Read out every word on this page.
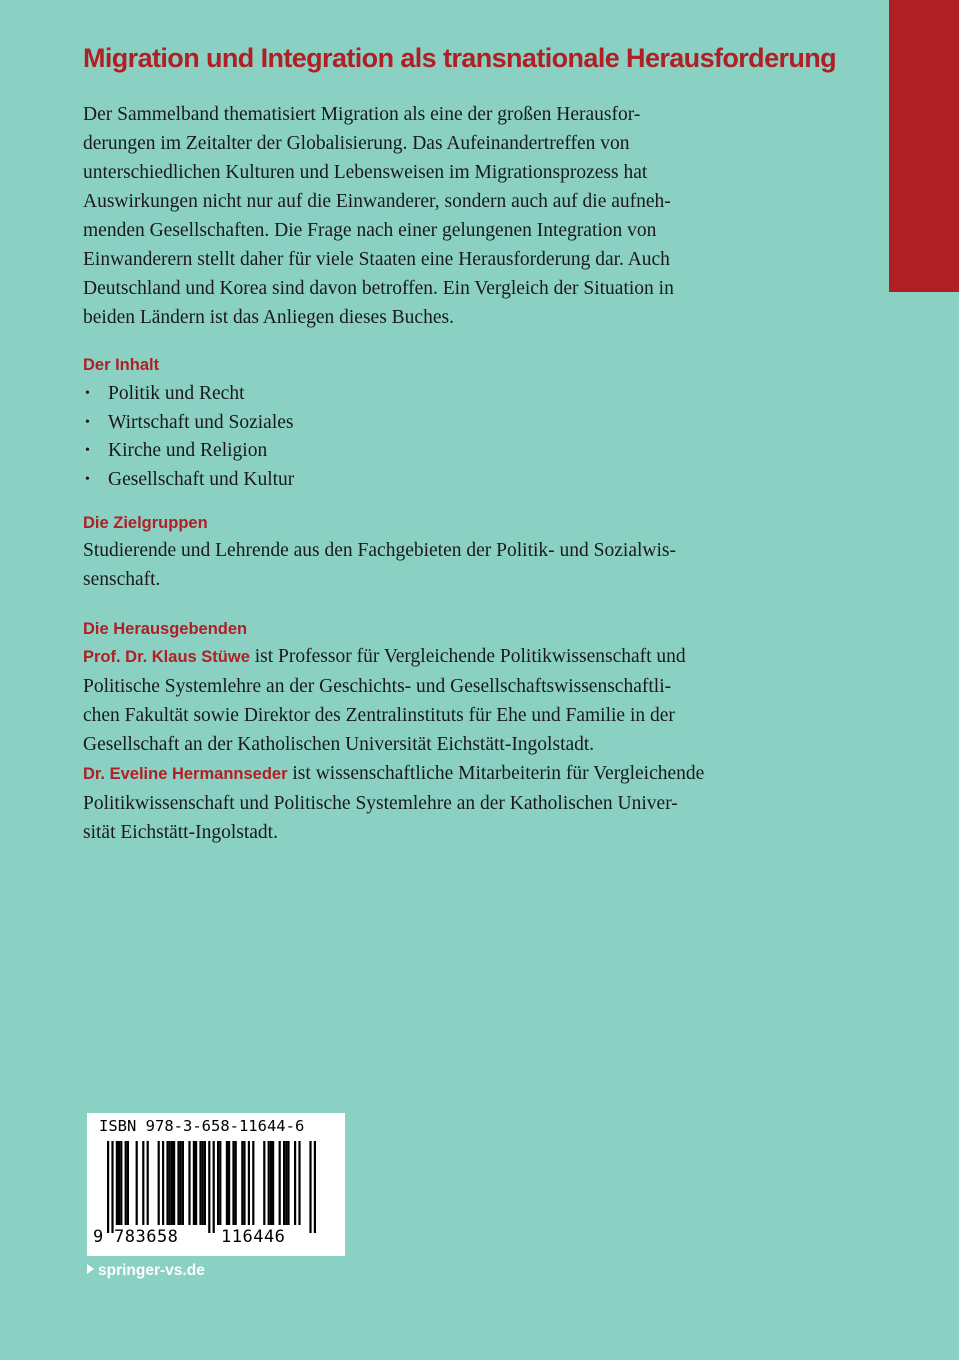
Migration und Integration als transnationale Herausforderung

Der Sammelband thematisiert Migration als eine der großen Herausfor-
derungen im Zeitalter der Globalisierung. Das Aufeinandertreffen von
unterschiedlichen Kulturen und Lebensweisen im Migrationsprozess hat
Auswirkungen nicht nur auf die Einwanderer, sondern auch auf die aufneh-
menden Gesellschaften. Die Frage nach einer gelungenen Integration von
Einwanderern stellt daher für viele Staaten eine Herausforderung dar. Auch
Deutschland und Korea sind davon betroffen. Ein Vergleich der Situation in
beiden Ländern ist das Anliegen dieses Buches.

Der Inhalt
• Politik und Recht
• Wirtschaft und Soziales
• Kirche und Religion
• Gesellschaft und Kultur
Die Zielgruppen

Studierende und Lehrende aus den Fachgebieten der Politik- und Sozialwis-
senschaft.

Die Herausgebenden

Prof. Dr. Klaus Stüwe ist Professor für Vergleichende Politikwissenschaft und
Politische Systemlehre an der Geschichts- und Gesellschaftswissenschaftli-
chen Fakultät sowie Direktor des Zentralinstituts für Ehe und Familie in der
Gesellschaft an der Katholischen Universität Eichstätt-Ingolstadt.

Dr. Eveline Hermannseder ist wissenschaftliche Mitarbeiterin für Vergleichende
Politikwissenschaft und Politische Systemlehre an der Katholischen Univer-
sität Eichstätt-Ingolstadt.

ISBN 978-3-658-11644-6
9 783658	116446
springer-vs.de
